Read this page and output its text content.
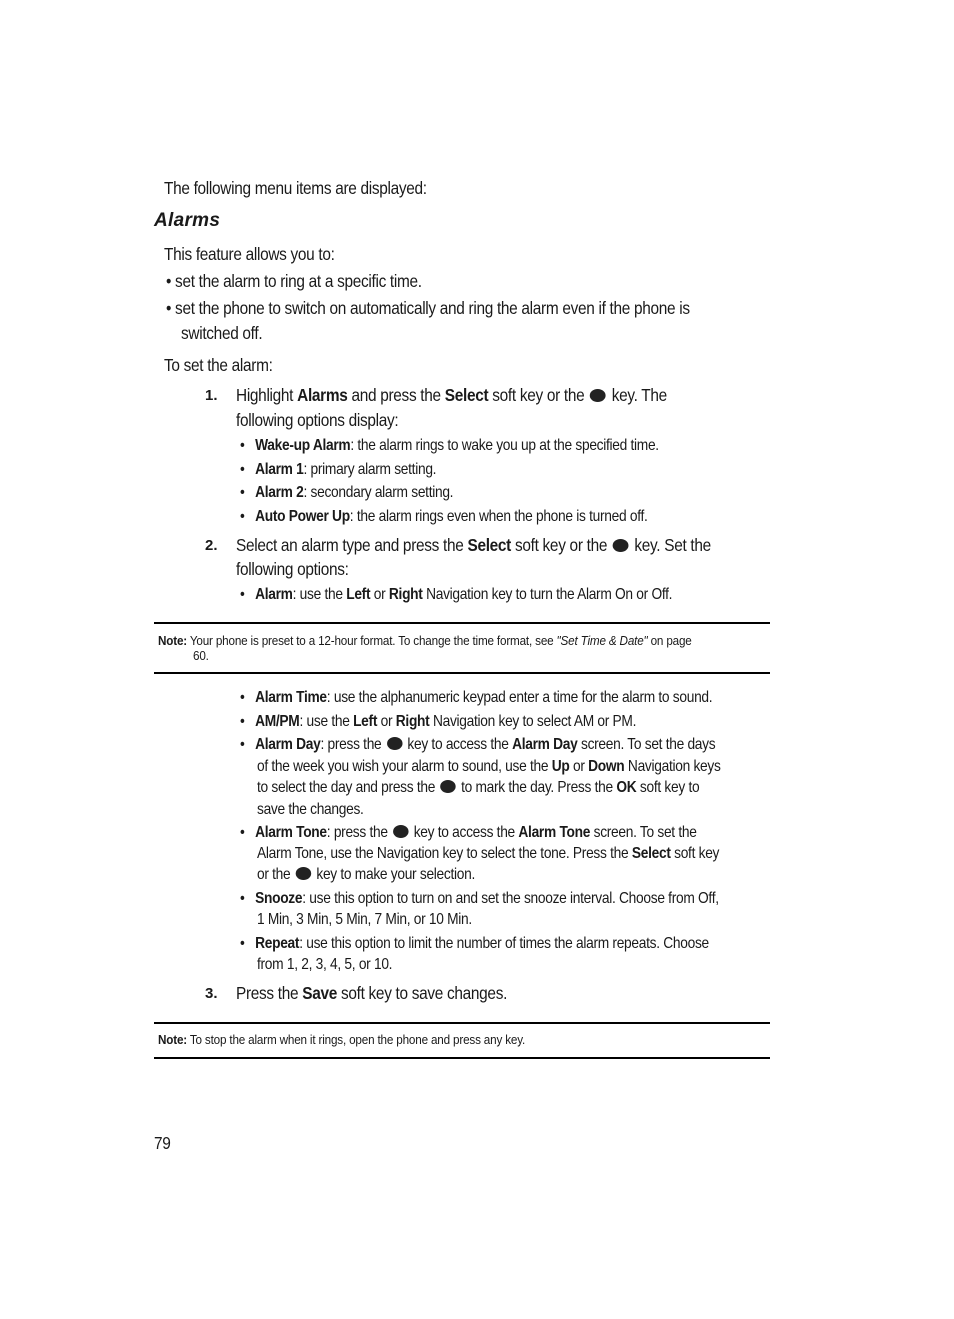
The following menu items are displayed:
Alarms
This feature allows you to:
• set the alarm to ring at a specific time.
• set the phone to switch on automatically and ring the alarm even if the phone is
switched off.
To set the alarm:
1. Highlight Alarms and press the Select soft key or the key. The
following options display:
• Wake-up Alarm: the alarm rings to wake you up at the specified time.
• Alarm 1: primary alarm setting.
• Alarm 2: secondary alarm setting.
• Auto Power Up: the alarm rings even when the phone is turned off.
2. Select an alarm type and press the Select soft key or the key. Set the
following options:
• Alarm: use the Left or Right Navigation key to turn the Alarm On or Off.
Note: Your phone is preset to a 12-hour format. To change the time format, see "Set Time & Date" on page
60.
• Alarm Time: use the alphanumeric keypad enter a time for the alarm to sound.
• AM/PM: use the Left or Right Navigation key to select AM or PM.
• Alarm Day: press the key to access the Alarm Day screen. To set the days
of the week you wish your alarm to sound, use the Up or Down Navigation keys
to select the day and press the to mark the day. Press the OK soft key to
save the changes.
• Alarm Tone: press the key to access the Alarm Tone screen. To set the
Alarm Tone, use the Navigation key to select the tone. Press the Select soft key
or the key to make your selection.
• Snooze: use this option to turn on and set the snooze interval. Choose from Off,
1 Min, 3 Min, 5 Min, 7 Min, or 10 Min.
• Repeat: use this option to limit the number of times the alarm repeats. Choose
from 1, 2, 3, 4, 5, or 10.
3. Press the Save soft key to save changes.
Note: To stop the alarm when it rings, open the phone and press any key.
79
